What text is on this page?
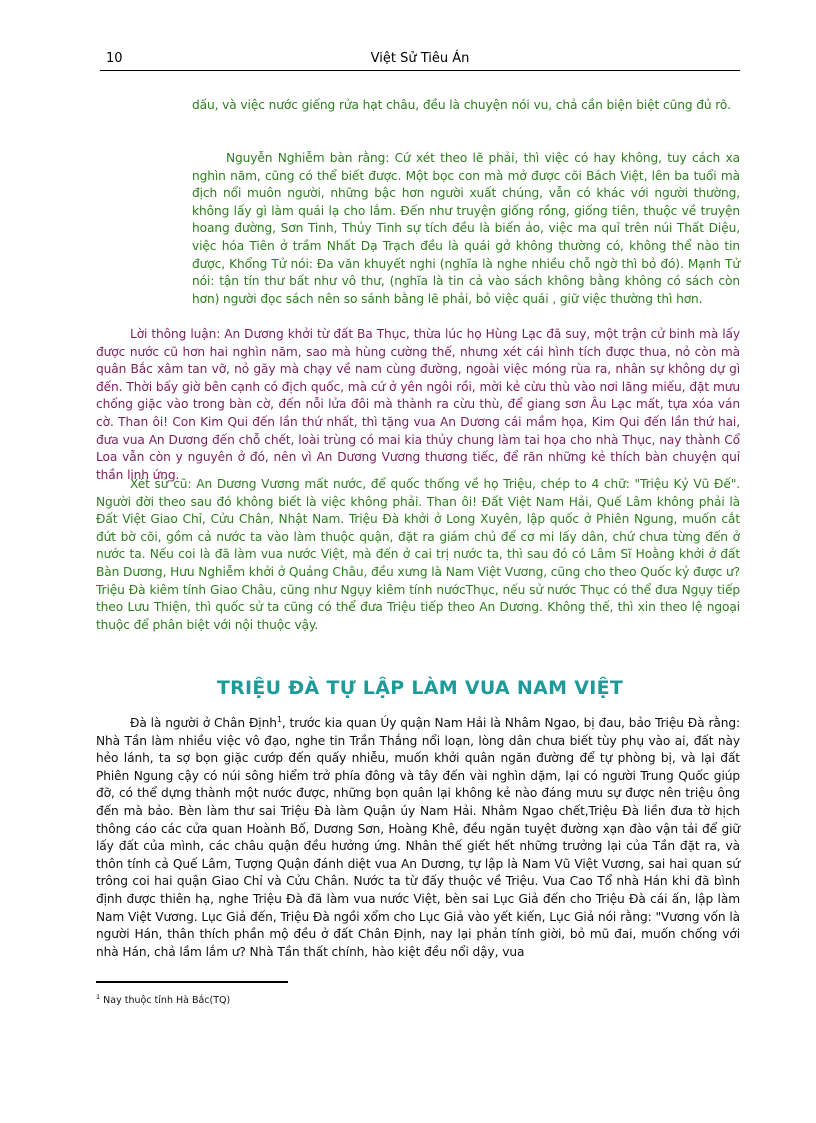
10	Việt Sử Tiêu Án
dấu, và việc nước giếng rửa hạt châu, đều là chuyện nói vu, chả cần biện biệt cũng đủ rõ.
Nguyễn Nghiễm bàn rằng: Cứ xét theo lẽ phải, thì việc có hay không, tuy cách xa nghìn năm, cũng có thể biết được. Một bọc con mà mở được cõi Bách Việt, lên ba tuổi mà địch nổi muôn người, những bậc hơn người xuất chúng, vẫn có khác với người thường, không lấy gì làm quái lạ cho lắm. Đến như truyện giống rồng, giống tiên, thuộc về truyện hoang đường, Sơn Tinh, Thủy Tinh sự tích đều là biến ảo, việc ma quỉ trên núi Thất Diệu, việc hóa Tiên ở trầm Nhất Dạ Trạch đều là quái gở không thường có, không thể nào tin được, Khổng Tử nói: Đa văn khuyết nghi (nghĩa là nghe nhiều chỗ ngờ thì bỏ đó). Mạnh Tử nói: tận tín thư bất như vô thư, (nghĩa là tin cả vào sách không bằng không có sách còn hơn) người đọc sách nên so sánh bằng lẽ phải, bỏ việc quái , giữ việc thường thì hơn.
Lời thông luận: An Dương khởi từ đất Ba Thục, thừa lúc họ Hùng Lạc đã suy, một trận cử binh mà lấy được nước cũ hơn hai nghìn năm, sao mà hùng cường thế, nhưng xét cái hình tích được thua, nỏ còn mà quân Bắc xâm tan vỡ, nỏ gãy mà chạy về nam cùng đường, ngoài việc móng rùa ra, nhân sự không dự gì đến. Thời bấy giờ bên cạnh có địch quốc, mà cứ ở yên ngôi rồi, mời kẻ cừu thù vào nơi lăng miếu, đặt mưu chống giặc vào trong bàn cờ, đến nỗi lửa đôi mà thành ra cừu thù, để giang sơn Âu Lạc mất, tựa xóa ván cờ. Than ôi! Con Kim Qui đến lần thứ nhất, thì tặng vua An Dương cái mầm họa, Kim Qui đến lần thứ hai, đưa vua An Dương đến chỗ chết, loài trùng có mai kia thủy chung làm tai họa cho nhà Thục, nay thành Cổ Loa vẫn còn y nguyên ở đó, nên vì An Dương Vương thương tiếc, để răn những kẻ thích bàn chuyện quỉ thần linh ứng.
Xét sử cũ: An Dương Vương mất nước, để quốc thống về họ Triệu, chép to 4 chữ: "Triệu Kỷ Vũ Đế". Người đời theo sau đó không biết là việc không phải. Than ôi! Đất Việt Nam Hải, Quế Lâm không phải là Đất Việt Giao Chỉ, Cửu Chân, Nhật Nam. Triệu Đà khởi ở Long Xuyên, lập quốc ở Phiên Ngung, muốn cắt đứt bờ cõi, gồm cả nước ta vào làm thuộc quận, đặt ra giám chủ để cơ mi lấy dân, chứ chưa từng đến ở nước ta. Nếu coi là đã làm vua nước Việt, mà đến ở cai trị nước ta, thì sau đó có Lâm Sĩ Hoằng khởi ở đất Bàn Dương, Hưu Nghiễm khởi ở Quảng Châu, đều xưng là Nam Việt Vương, cũng cho theo Quốc kỷ được ư? Triệu Đà kiêm tính Giao Châu, cũng như Ngụy kiêm tính nướcThục, nếu sử nước Thục có thể đưa Ngụy tiếp theo Lưu Thiện, thì quốc sử ta cũng có thể đưa Triệu tiếp theo An Dương. Không thế, thì xin theo lệ ngoại thuộc để phân biệt với nội thuộc vậy.
TRIỆU ĐÀ TỰ LẬP LÀM VUA NAM VIỆT
Đà là người ở Chân Định$^1$, trước kia quan Úy quận Nam Hải là Nhâm Ngao, bị đau, bảo Triệu Đà rằng: Nhà Tần làm nhiều việc vô đạo, nghe tin Trần Thắng nổi loạn, lòng dân chưa biết tùy phụ vào ai, đất này hẻo lánh, ta sợ bọn giặc cướp đến quấy nhiễu, muốn khởi quân ngăn đường để tự phòng bị, và lại đất Phiên Ngung cậy có núi sông hiểm trở phía đông và tây đến vài nghìn dặm, lại có người Trung Quốc giúp đỡ, có thể dựng thành một nước được, những bọn quân lại không kẻ nào đáng mưu sự được nên triệu ông đến mà bảo. Bèn làm thư sai Triệu Đà làm Quận úy Nam Hải. Nhâm Ngao chết,Triệu Đà liền đưa tờ hịch thông cáo các cửa quan Hoành Bố, Dương Sơn, Hoàng Khê, đều ngăn tuyệt đường xạn đào vận tải để giữ lấy đất của mình, các châu quận đều hưởng ứng. Nhân thế giết hết những trưởng lại của Tần đặt ra, và thôn tính cả Quế Lâm, Tượng Quận đánh diệt vua An Dương, tự lập là Nam Vũ Việt Vương, sai hai quan sứ trông coi hai quận Giao Chỉ và Cửu Chân. Nước ta từ đấy thuộc về Triệu. Vua Cao Tổ nhà Hán khi đã bình định được thiên hạ, nghe Triệu Đà đã làm vua nước Việt, bèn sai Lục Giả đến cho Triệu Đà cái ấn, lập làm Nam Việt Vương. Lục Giả đến, Triệu Đà ngồi xổm cho Lục Giả vào yết kiến, Lục Giả nói rằng: "Vương vốn là người Hán, thân thích phần mộ đều ở đất Chân Định, nay lại phản tính giời, bỏ mũ đai, muốn chống với nhà Hán, chả lầm lắm ư? Nhà Tần thất chính, hào kiệt đều nổi dậy, vua
$^1$ Nay thuộc tỉnh Hà Bắc(TQ)
